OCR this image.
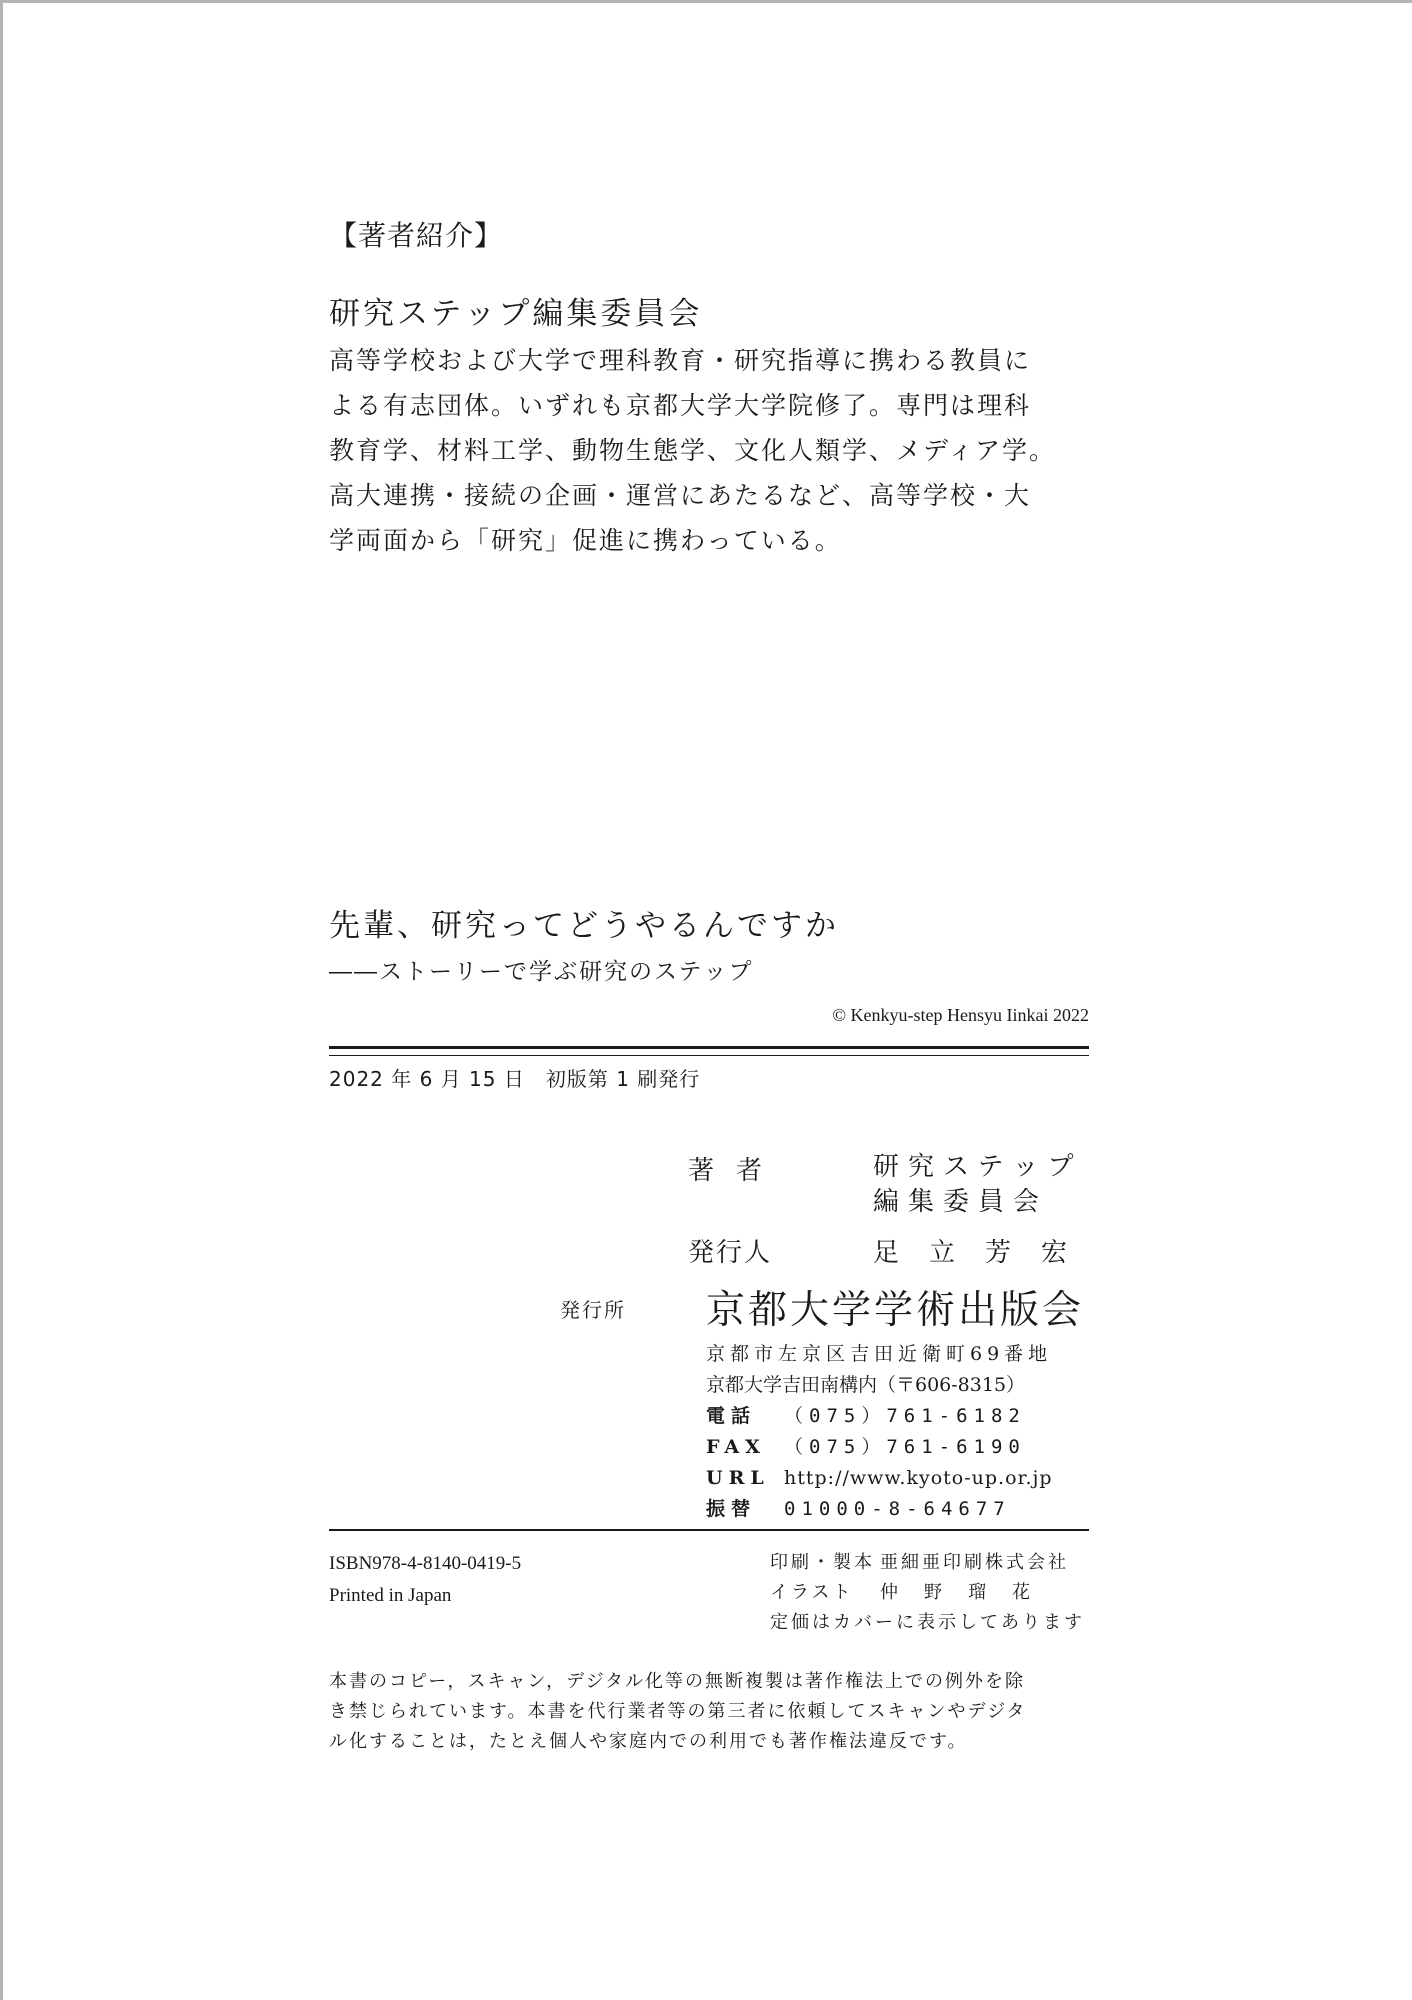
【著者紹介】
研究ステップ編集委員会
高等学校および大学で理科教育・研究指導に携わる教員に
よる有志団体。いずれも京都大学大学院修了。専門は理科
教育学、材料工学、動物生態学、文化人類学、メディア学。
高大連携・接続の企画・運営にあたるなど、高等学校・大
学両面から「研究」促進に携わっている。
先輩、研究ってどうやるんですか
――ストーリーで学ぶ研究のステップ
© Kenkyu-step Hensyu Iinkai 2022
2022 年 6 月 15 日　初版第 1 刷発行
著者	研究ステップ
編集委員会
発行人	足立芳宏
発行所 京都大学学術出版会
京都市左京区吉田近衛町69番地
京都大学吉田南構内（〒606-8315）
電話 （075）761-6182
FAX （075）761-6190
URL http://www.kyoto-up.or.jp
振替 01000-8-64677
ISBN978-4-8140-0419-5
Printed in Japan
印刷・製本 亜細亜印刷株式会社
イラスト 仲野瑠花
定価はカバーに表示してあります
本書のコピー，スキャン，デジタル化等の無断複製は著作権法上での例外を除
き禁じられています。本書を代行業者等の第三者に依頼してスキャンやデジタ
ル化することは，たとえ個人や家庭内での利用でも著作権法違反です。
